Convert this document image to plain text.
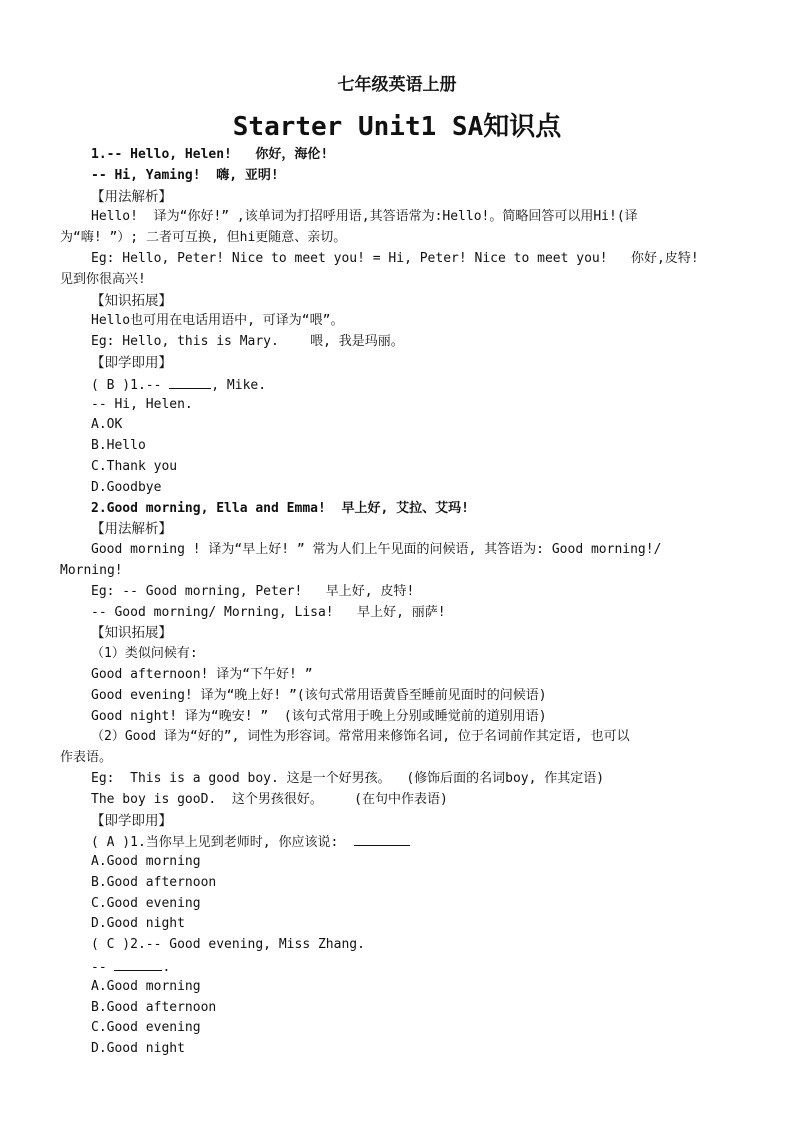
七年级英语上册
Starter Unit1 SA知识点
1.-- Hello, Helen!   你好，海伦!
-- Hi, Yaming!  嗨, 亚明!
【用法解析】
Hello!  译为“你好!” ,该单词为打招呼用语,其答语常为:Hello!。简略回答可以用Hi!(译
为“嗨! ”）; 二者可互换, 但hi更随意、亲切。
Eg: Hello, Peter! Nice to meet you! = Hi, Peter! Nice to meet you!   你好,皮特!
见到你很高兴!
【知识拓展】
Hello也可用在电话用语中, 可译为“喂”。
Eg: Hello, this is Mary.    喂, 我是玛丽。
【即学即用】
( B )1.--	, Mike.
-- Hi, Helen.
A.OK
B.Hello
C.Thank you
D.Goodbye
2.Good morning, Ella and Emma!  早上好, 艾拉、艾玛!
【用法解析】
Good morning ! 译为“早上好! ” 常为人们上午见面的问候语, 其答语为: Good morning!/
Morning!
Eg: -- Good morning, Peter!   早上好, 皮特!
-- Good morning/ Morning, Lisa!   早上好, 丽萨!
【知识拓展】
（1）类似问候有:
Good afternoon! 译为“下午好! ”
Good evening! 译为“晚上好! ”(该句式常用语黄昏至睡前见面时的问候语)
Good night! 译为“晚安! ”  (该句式常用于晚上分别或睡觉前的道别用语)
（2）Good 译为“好的”, 词性为形容词。常常用来修饰名词, 位于名词前作其定语, 也可以
作表语。
Eg:  This is a good boy. 这是一个好男孩。  (修饰后面的名词boy, 作其定语)
The boy is gooD.  这个男孩很好。    (在句中作表语)
【即学即用】
( A )1.当你早上见到老师时, 你应该说:
A.Good morning
B.Good afternoon
C.Good evening
D.Good night
( C )2.-- Good evening, Miss Zhang.
--	.
A.Good morning
B.Good afternoon
C.Good evening
D.Good night
